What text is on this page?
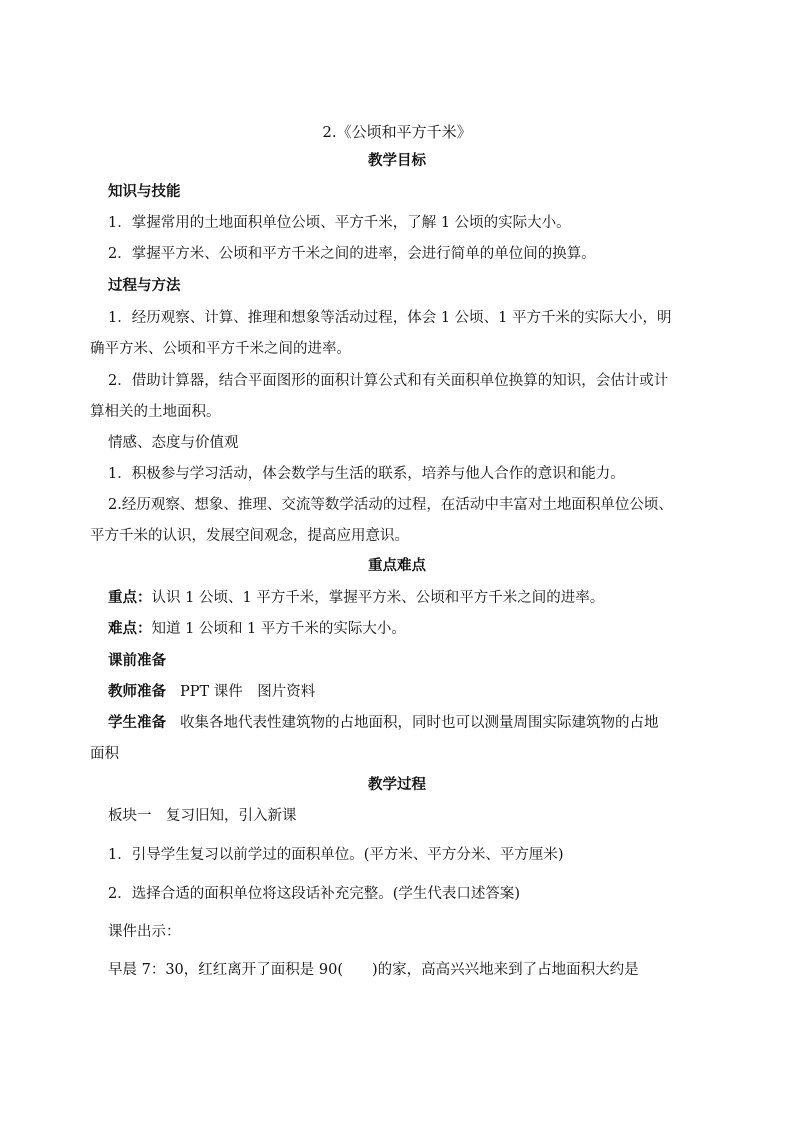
2.《公顷和平方千米》
教学目标
知识与技能
1．掌握常用的土地面积单位公顷、平方千米，了解 1 公顷的实际大小。
2．掌握平方米、公顷和平方千米之间的进率，会进行简单的单位间的换算。
过程与方法
1．经历观察、计算、推理和想象等活动过程，体会 1 公顷、1 平方千米的实际大小，明
确平方米、公顷和平方千米之间的进率。
2．借助计算器，结合平面图形的面积计算公式和有关面积单位换算的知识，会估计或计
算相关的土地面积。
情感、态度与价值观
1．积极参与学习活动，体会数学与生活的联系，培养与他人合作的意识和能力。
2.经历观察、想象、推理、交流等数学活动的过程，在活动中丰富对土地面积单位公顷、
平方千米的认识，发展空间观念，提高应用意识。
重点难点
重点：认识 1 公顷、1 平方千米，掌握平方米、公顷和平方千米之间的进率。
难点：知道 1 公顷和 1 平方千米的实际大小。
课前准备
教师准备 PPT 课件　图片资料
学生准备 收集各地代表性建筑物的占地面积，同时也可以测量周围实际建筑物的占地
面积
教学过程
板块一　复习旧知，引入新课
1．引导学生复习以前学过的面积单位。(平方米、平方分米、平方厘米)
2．选择合适的面积单位将这段话补充完整。(学生代表口述答案)
课件出示：
早晨 7：30，红红离开了面积是 90(　　)的家，高高兴兴地来到了占地面积大约是
